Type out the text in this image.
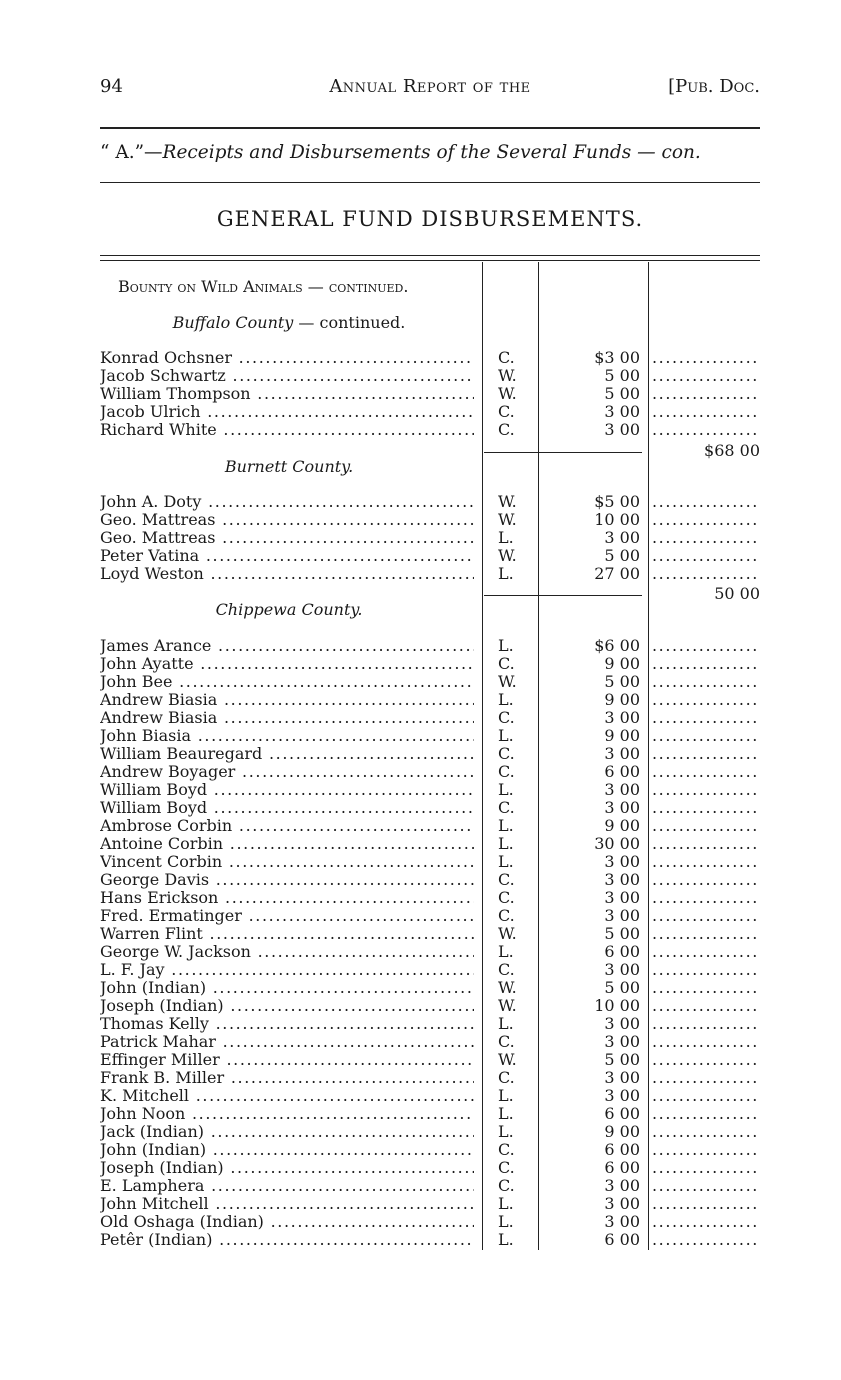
94	Annual Report of the	[Pub. Doc.
“ A.”—Receipts and Disbursements of the Several Funds — con.
GENERAL FUND DISBURSEMENTS.
Bounty on Wild Animals — continued.
Buffalo County — continued.
Konrad Ochsner .....	C.	$3 00
.....
Jacob Schwartz .....	W.	5 00
.....
William Thompson .....	W.	5 00
.....
Jacob Ulrich .....	C.	3 00
.....
Richard White .....	C.	3 00
.....
$68 00
Burnett County.
John A. Doty .....	W.	$5 00
.....
Geo. Mattreas .....	W.	10 00
.....
Geo. Mattreas .....	L.	3 00
.....
Peter Vatina .....	W.	5 00
.....
Loyd Weston .....	L.	27 00
.....
50 00
Chippewa County.
James Arance .....	L.	$6 00
.....
John Ayatte .....	C.	9 00
.....
John Bee .....	W.	5 00
.....
Andrew Biasia .....	L.	9 00
.....
Andrew Biasia .....	C.	3 00
.....
John Biasia .....	L.	9 00
.....
William Beauregard .....	C.	3 00
.....
Andrew Boyager .....	C.	6 00
.....
William Boyd .....	L.	3 00
.....
William Boyd .....	C.	3 00
.....
Ambrose Corbin .....	L.	9 00
.....
Antoine Corbin .....	L.	30 00
.....
Vincent Corbin .....	L.	3 00
.....
George Davis .....	C.	3 00
.....
Hans Erickson .....	C.	3 00
.....
Fred. Ermatinger .....	C.	3 00
.....
Warren Flint .....	W.	5 00
.....
George W. Jackson .....	L.	6 00
.....
L. F. Jay .....	C.	3 00
.....
John (Indian) .....	W.	5 00
.....
Joseph (Indian) .....	W.	10 00
.....
Thomas Kelly .....	L.	3 00
.....
Patrick Mahar .....	C.	3 00
.....
Effinger Miller .....	W.	5 00
.....
Frank B. Miller .....	C.	3 00
.....
K. Mitchell .....	L.	3 00
.....
John Noon .....	L.	6 00
.....
Jack (Indian) .....	L.	9 00
.....
John (Indian) .....	C.	6 00
.....
Joseph (Indian) .....	C.	6 00
.....
E. Lamphera .....	C.	3 00
.....
John Mitchell .....	L.	3 00
.....
Old Oshaga (Indian) .....	L.	3 00
.....
Petêr (Indian) .....	L.	6 00
.....
